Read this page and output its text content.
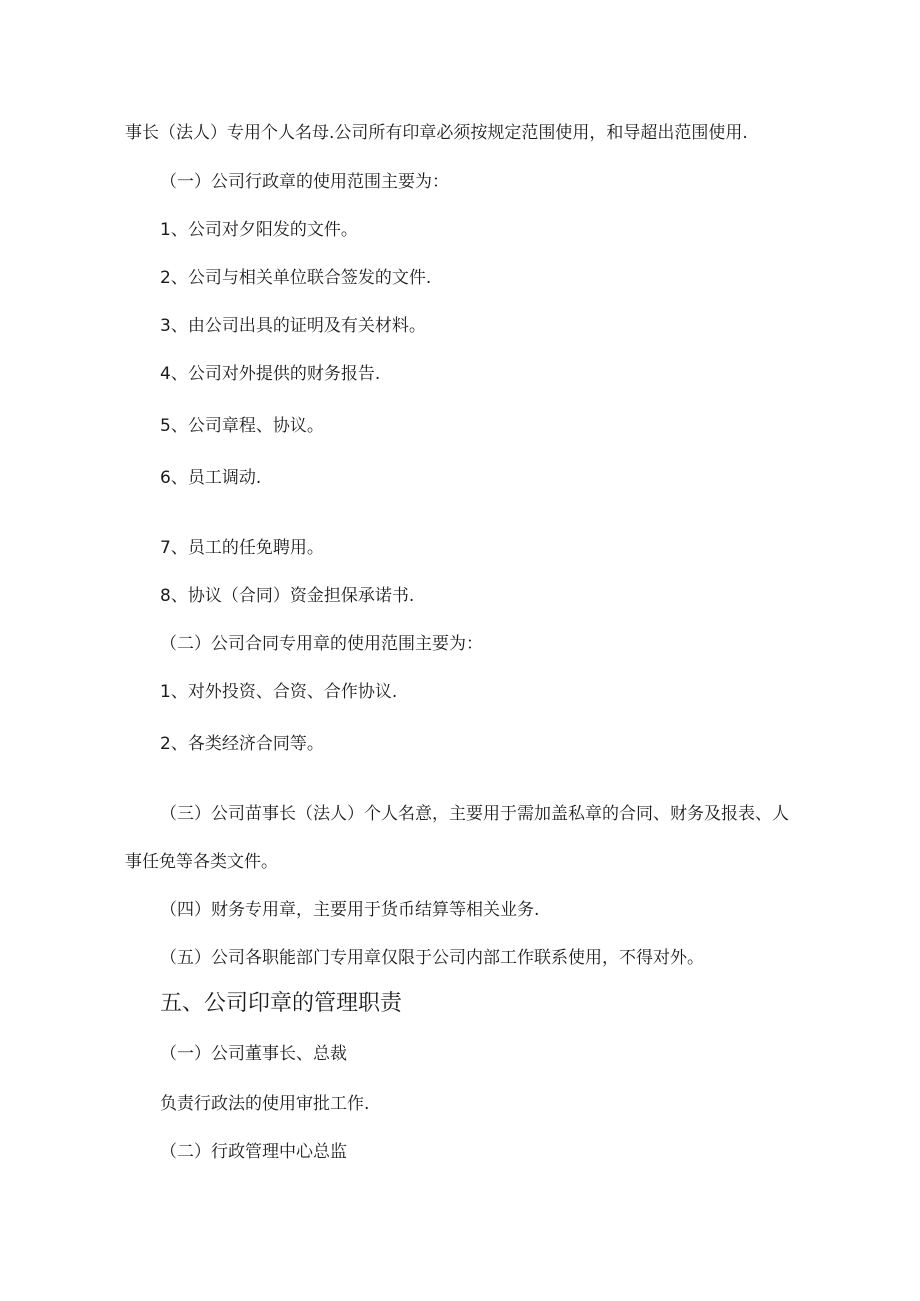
事长（法人）专用个人名母.公司所有印章必须按规定范围使用，和导超出范围使用.
（一）公司行政章的使用范围主要为：
1、公司对夕阳发的文件。
2、公司与相关单位联合签发的文件.
3、由公司出具的证明及有关材料。
4、公司对外提供的财务报告.
5、公司章程、协议。
6、员工调动.
7、员工的任免聘用。
8、协议（合同）资金担保承诺书.
（二）公司合同专用章的使用范围主要为：
1、对外投资、合资、合作协议.
2、各类经济合同等。
（三）公司苗事长（法人）个人名意，主要用于需加盖私章的合同、财务及报表、人
事任免等各类文件。
（四）财务专用章，主要用于货币结算等相关业务.
（五）公司各职能部门专用章仅限于公司内部工作联系使用，不得对外。
五、公司印章的管理职责
（一）公司董事长、总裁
负责行政法的使用审批工作.
（二）行政管理中心总监
